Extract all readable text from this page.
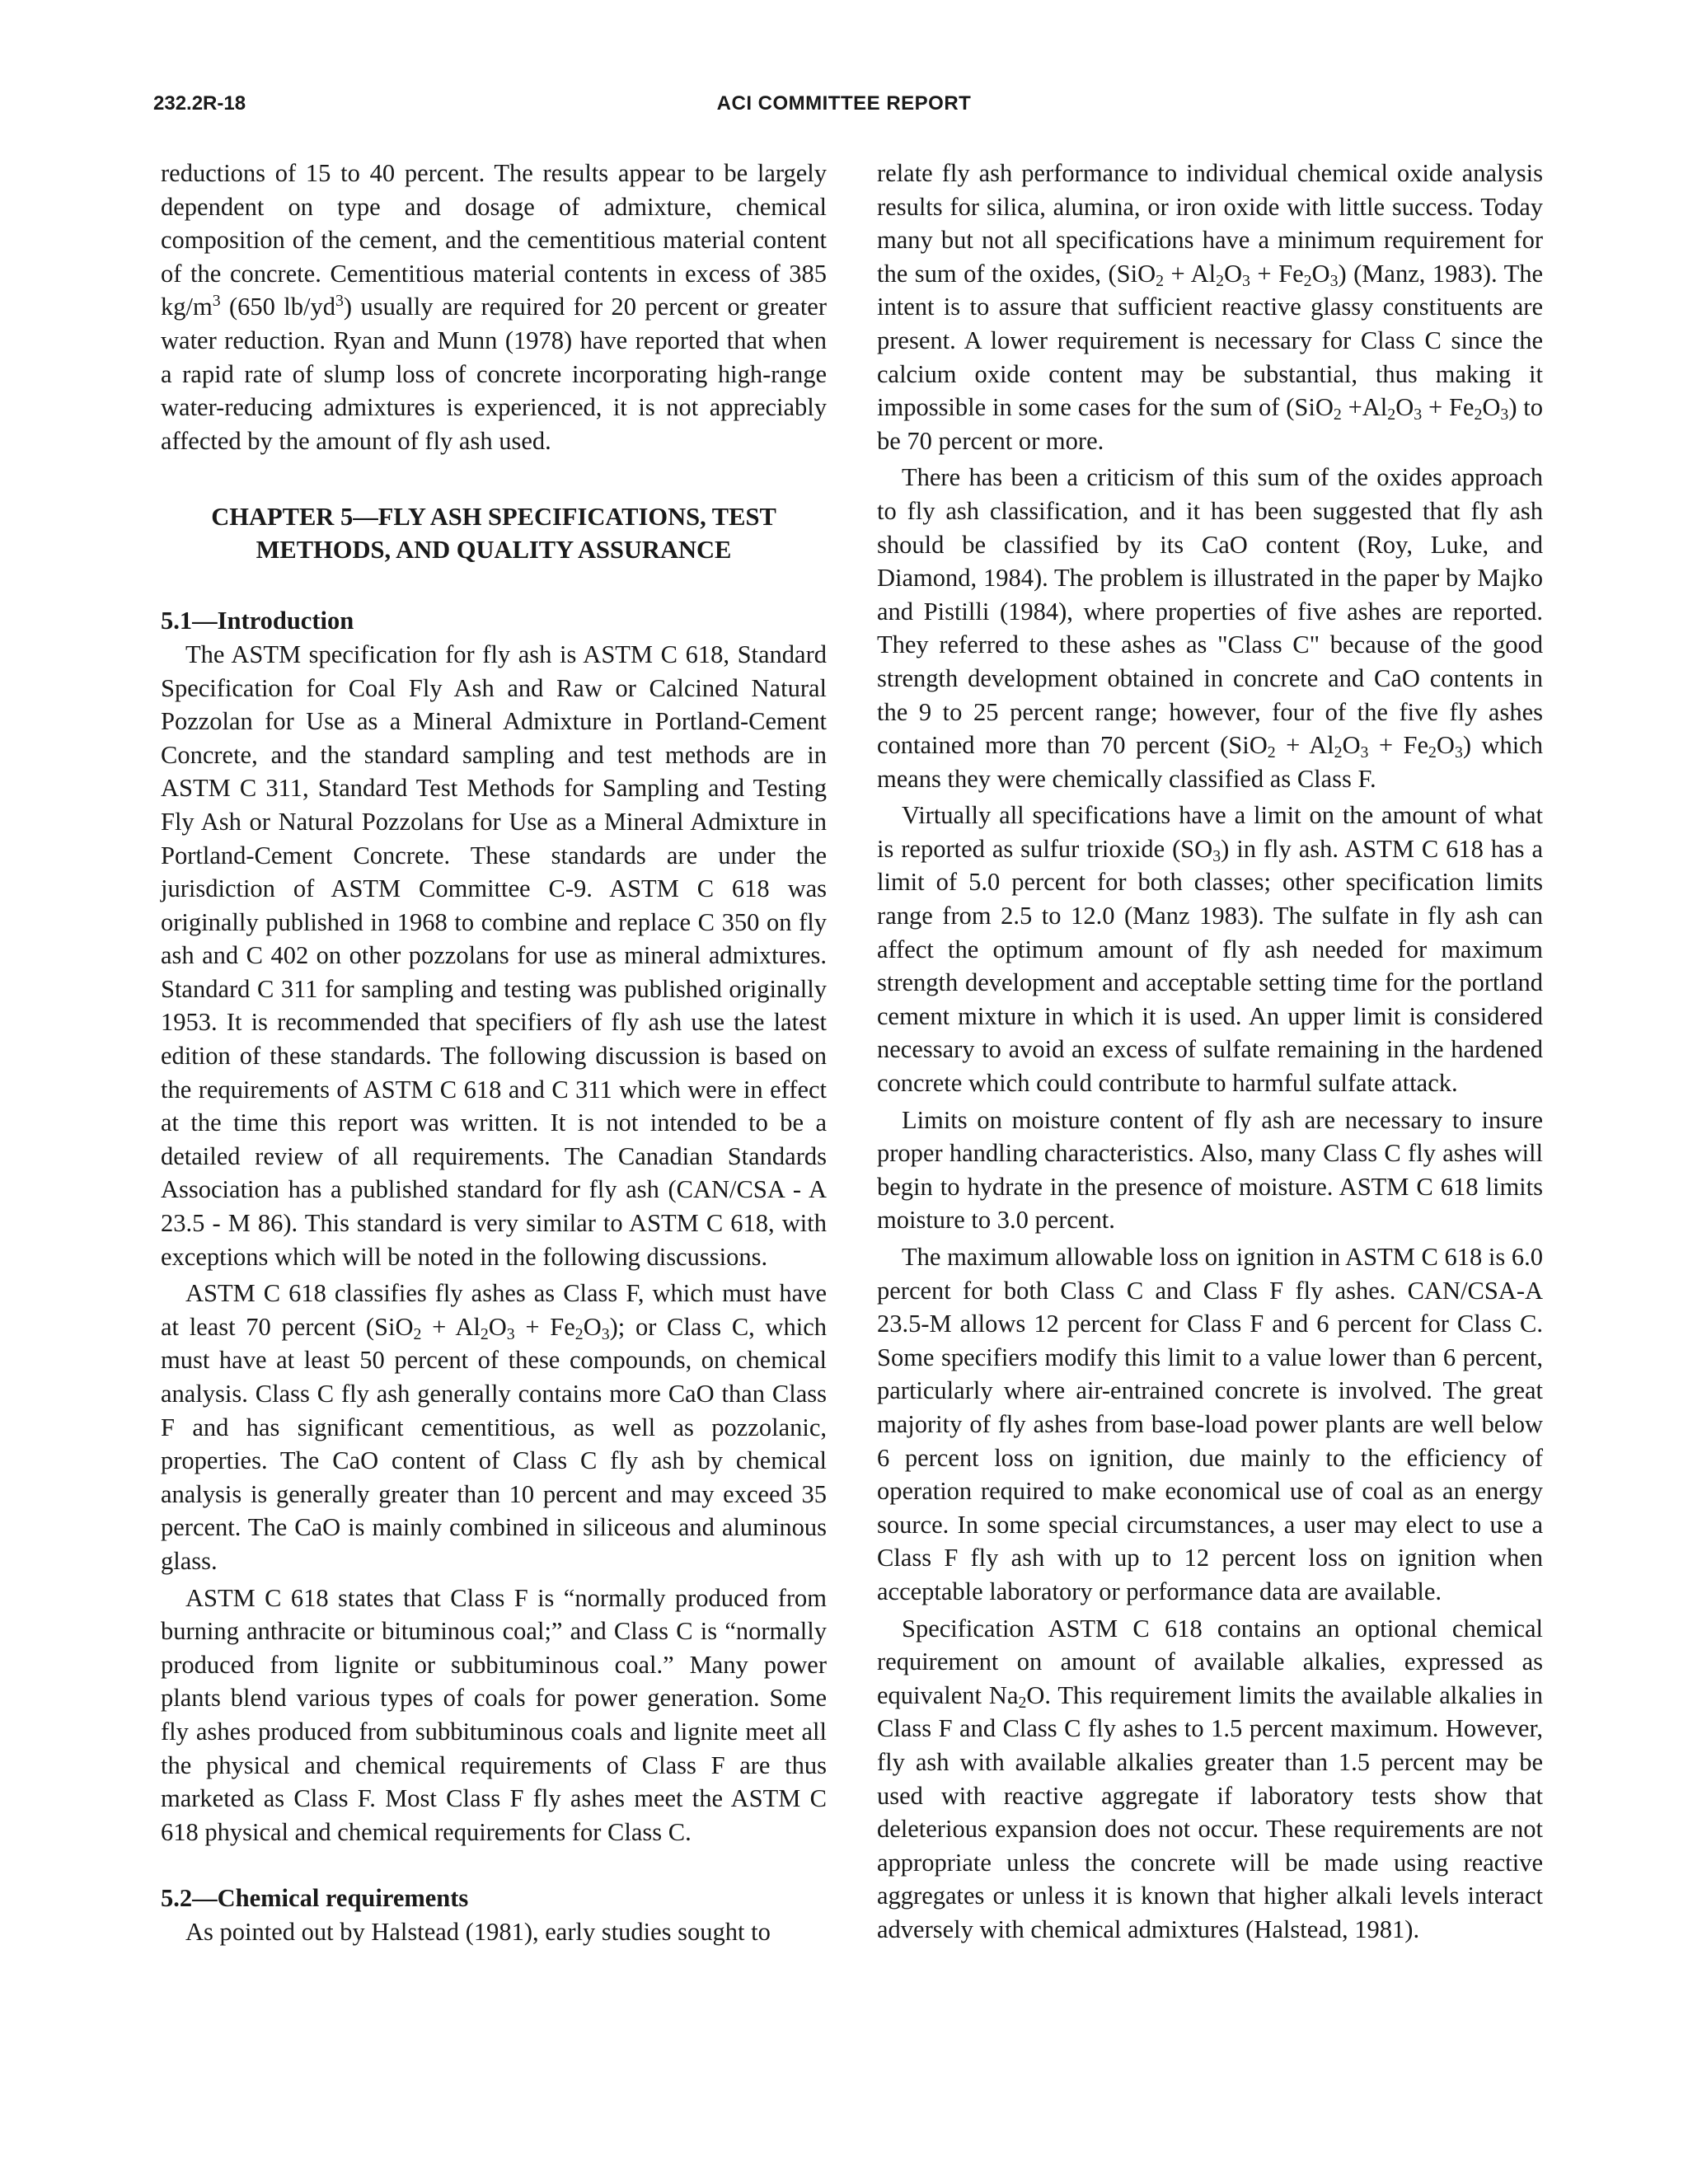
232.2R-18	ACI COMMITTEE REPORT

reductions of 15 to 40 percent. The results appear to be largely dependent on type and dosage of admixture, chemical composition of the cement, and the cementitious material content of the concrete. Cementitious material contents in excess of 385 $kg/m^3$ (650 $lb/yd^3$) usually are required for 20 percent or greater water reduction. Ryan and Munn (1978) have reported that when a rapid rate of slump loss of concrete incorporating high-range water-reducing admixtures is experienced, it is not appreciably affected by the amount of fly ash used.

CHAPTER 5—FLY ASH SPECIFICATIONS, TEST
METHODS, AND QUALITY ASSURANCE
5.1—Introduction

The ASTM specification for fly ash is ASTM C 618, Standard Specification for Coal Fly Ash and Raw or Calcined Natural Pozzolan for Use as a Mineral Admixture in Portland-Cement Concrete, and the standard sampling and test methods are in ASTM C 311, Standard Test Methods for Sampling and Testing Fly Ash or Natural Pozzolans for Use as a Mineral Admixture in Portland-Cement Concrete. These standards are under the jurisdiction of ASTM Committee C-9. ASTM C 618 was originally published in 1968 to combine and replace C 350 on fly ash and C 402 on other pozzolans for use as mineral admixtures. Standard C 311 for sampling and testing was published originally 1953. It is recommended that specifiers of fly ash use the latest edition of these standards. The following discussion is based on the requirements of ASTM C 618 and C 311 which were in effect at the time this report was written. It is not intended to be a detailed review of all requirements. The Canadian Standards Association has a published standard for fly ash (CAN/CSA - A 23.5 - M 86). This standard is very similar to ASTM C 618, with exceptions which will be noted in the following discussions.

ASTM C 618 classifies fly ashes as Class F, which must have at least 70 percent $(SiO_2 + Al_2O_3 + Fe_2O_3)$; or Class C, which must have at least 50 percent of these compounds, on chemical analysis. Class C fly ash generally contains more CaO than Class F and has significant cementitious, as well as pozzolanic, properties. The CaO content of Class C fly ash by chemical analysis is generally greater than 10 percent and may exceed 35 percent. The CaO is mainly combined in siliceous and aluminous glass.

ASTM C 618 states that Class F is “normally produced from burning anthracite or bituminous coal;” and Class C is “normally produced from lignite or subbituminous coal.” Many power plants blend various types of coals for power generation. Some fly ashes produced from subbituminous coals and lignite meet all the physical and chemical requirements of Class F are thus marketed as Class F. Most Class F fly ashes meet the ASTM C 618 physical and chemical requirements for Class C.

5.2—Chemical requirements

As pointed out by Halstead (1981), early studies sought to

relate fly ash performance to individual chemical oxide analysis results for silica, alumina, or iron oxide with little success. Today many but not all specifications have a minimum requirement for the sum of the oxides, $(SiO_2 + Al_2O_3 + Fe_2O_3)$ (Manz, 1983). The intent is to assure that sufficient reactive glassy constituents are present. A lower requirement is necessary for Class C since the calcium oxide content may be substantial, thus making it impossible in some cases for the sum of $(SiO_2 +Al_2O_3 + Fe_2O_3)$ to be 70 percent or more.

There has been a criticism of this sum of the oxides approach to fly ash classification, and it has been suggested that fly ash should be classified by its CaO content (Roy, Luke, and Diamond, 1984). The problem is illustrated in the paper by Majko and Pistilli (1984), where properties of five ashes are reported. They referred to these ashes as "Class C" because of the good strength development obtained in concrete and CaO contents in the 9 to 25 percent range; however, four of the five fly ashes contained more than 70 percent $(SiO_2 + Al_2O_3 + Fe_2O_3)$ which means they were chemically classified as Class F.

Virtually all specifications have a limit on the amount of what is reported as sulfur trioxide $(SO_3)$ in fly ash. ASTM C 618 has a limit of 5.0 percent for both classes; other specification limits range from 2.5 to 12.0 (Manz 1983). The sulfate in fly ash can affect the optimum amount of fly ash needed for maximum strength development and acceptable setting time for the portland cement mixture in which it is used. An upper limit is considered necessary to avoid an excess of sulfate remaining in the hardened concrete which could contribute to harmful sulfate attack.

Limits on moisture content of fly ash are necessary to insure proper handling characteristics. Also, many Class C fly ashes will begin to hydrate in the presence of moisture. ASTM C 618 limits moisture to 3.0 percent.

The maximum allowable loss on ignition in ASTM C 618 is 6.0 percent for both Class C and Class F fly ashes. CAN/CSA-A 23.5-M allows 12 percent for Class F and 6 percent for Class C. Some specifiers modify this limit to a value lower than 6 percent, particularly where air-entrained concrete is involved. The great majority of fly ashes from base-load power plants are well below 6 percent loss on ignition, due mainly to the efficiency of operation required to make economical use of coal as an energy source. In some special circumstances, a user may elect to use a Class F fly ash with up to 12 percent loss on ignition when acceptable laboratory or performance data are available.

Specification ASTM C 618 contains an optional chemical requirement on amount of available alkalies, expressed as equivalent $Na_2O$. This requirement limits the available alkalies in Class F and Class C fly ashes to 1.5 percent maximum. However, fly ash with available alkalies greater than 1.5 percent may be used with reactive aggregate if laboratory tests show that deleterious expansion does not occur. These requirements are not appropriate unless the concrete will be made using reactive aggregates or unless it is known that higher alkali levels interact adversely with chemical admixtures (Halstead, 1981).
